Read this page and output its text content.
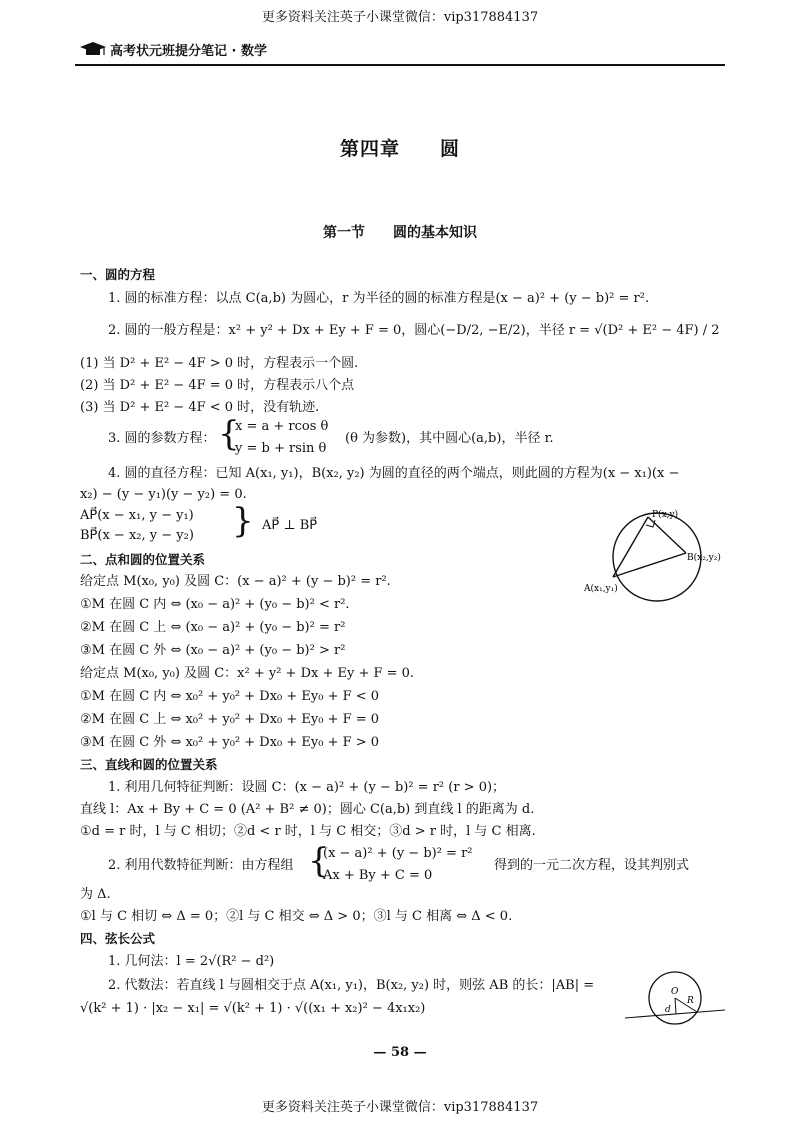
更多资料关注英子小课堂微信：vip317884137
高考状元班提分笔记 · 数学
第四章　　圆
第一节　　圆的基本知识
一、圆的方程
1. 圆的标准方程：以点 C(a,b) 为圆心，r 为半径的圆的标准方程是(x − a)² + (y − b)² = r².
2. 圆的一般方程是：x² + y² + Dx + Ey + F = 0，圆心(−D/2, −E/2)，半径 r = √(D² + E² − 4F) / 2
(1) 当 D² + E² − 4F > 0 时，方程表示一个圆.
(2) 当 D² + E² − 4F = 0 时，方程表示八个点
(3) 当 D² + E² − 4F < 0 时，没有轨迹.
3. 圆的参数方程： {
x = a + rcos θ
y = b + rsin θ
(θ 为参数)，其中圆心(a,b)，半径 r.
4. 圆的直径方程：已知 A(x₁, y₁)，B(x₂, y₂) 为圆的直径的两个端点，则此圆的方程为(x − x₁)(x −
x₂) − (y − y₁)(y − y₂) = 0.
AP⃗(x − x₁, y − y₁)
BP⃗(x − x₂, y − y₂) } AP⃗ ⊥ BP⃗
P(x,y)
B(x₂,y₂)
A(x₁,y₁)
二、点和圆的位置关系
给定点 M(x₀, y₀) 及圆 C：(x − a)² + (y − b)² = r².
①M 在圆 C 内 ⇔ (x₀ − a)² + (y₀ − b)² < r².
②M 在圆 C 上 ⇔ (x₀ − a)² + (y₀ − b)² = r²
③M 在圆 C 外 ⇔ (x₀ − a)² + (y₀ − b)² > r²
给定点 M(x₀, y₀) 及圆 C：x² + y² + Dx + Ey + F = 0.
①M 在圆 C 内 ⇔ x₀² + y₀² + Dx₀ + Ey₀ + F < 0
②M 在圆 C 上 ⇔ x₀² + y₀² + Dx₀ + Ey₀ + F = 0
③M 在圆 C 外 ⇔ x₀² + y₀² + Dx₀ + Ey₀ + F > 0
三、直线和圆的位置关系
1. 利用几何特征判断：设圆 C：(x − a)² + (y − b)² = r² (r > 0)；
直线 l：Ax + By + C = 0 (A² + B² ≠ 0)；圆心 C(a,b) 到直线 l 的距离为 d.
①d = r 时，l 与 C 相切；②d < r 时，l 与 C 相交；③d > r 时，l 与 C 相离.
2. 利用代数特征判断：由方程组 {
(x − a)² + (y − b)² = r²
Ax + By + C = 0
得到的一元二次方程，设其判别式
为 Δ.
①l 与 C 相切 ⇔ Δ = 0；②l 与 C 相交 ⇔ Δ > 0；③l 与 C 相离 ⇔ Δ < 0.
四、弦长公式
1. 几何法：l = 2√(R² − d²)
2. 代数法：若直线 l 与圆相交于点 A(x₁, y₁)，B(x₂, y₂) 时，则弦 AB 的长：|AB| =
√(k² + 1) · |x₂ − x₁| = √(k² + 1) · √((x₁ + x₂)² − 4x₁x₂)
O
R
d
— 58 —
更多资料关注英子小课堂微信：vip317884137
